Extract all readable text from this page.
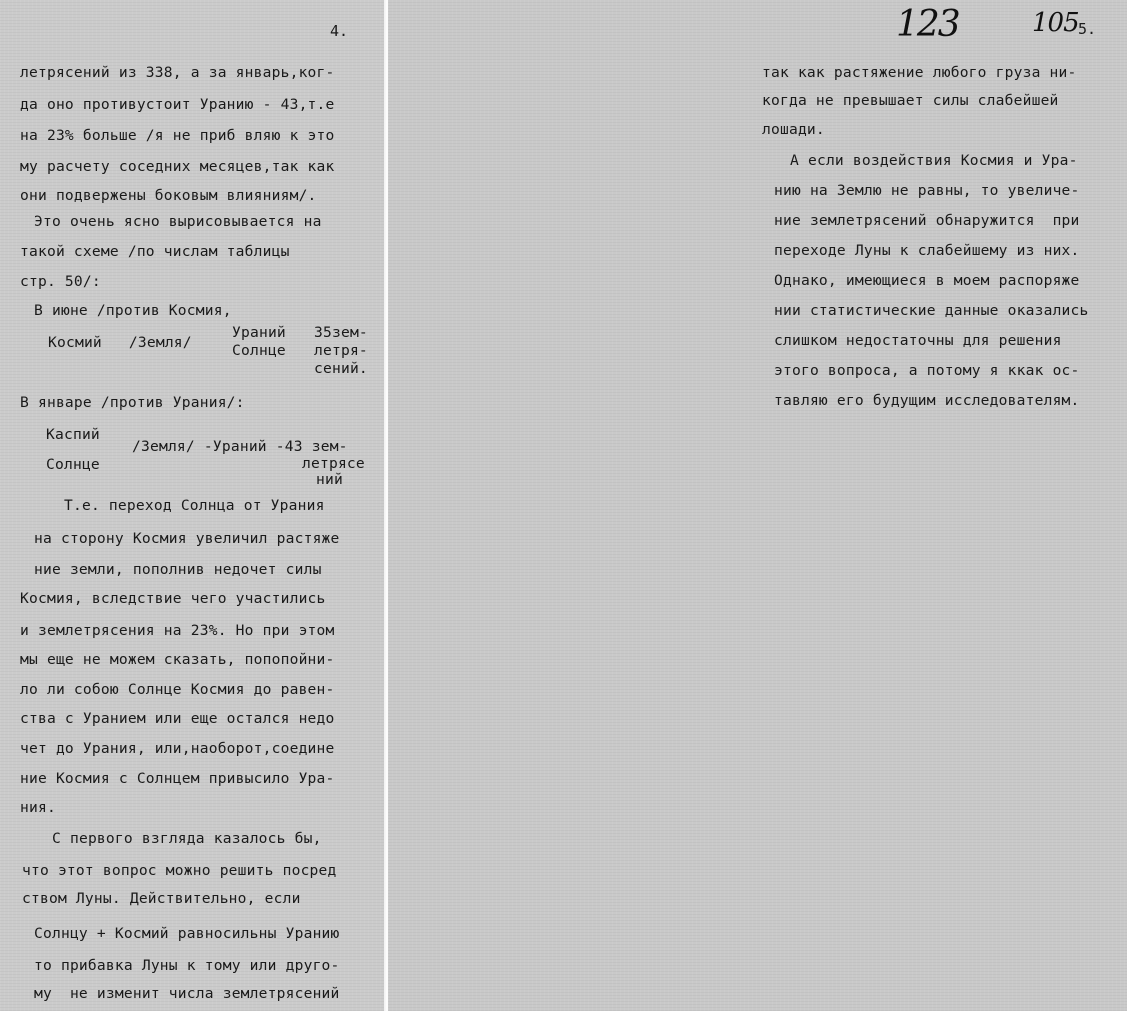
4.
летрясений из 338, а за январь,ког-
да оно противустоит Уранию - 43,т.е
на 23% больше /я не приб вляю к это
му расчету соседних месяцев,так как
они подвержены боковым влияниям/.
Это очень ясно вырисовывается на
такой схеме /по числам таблицы
стр. 50/:
В июне /против Космия,
Космий   /Земля/
Ураний
Солнце
35зем-
летря-
сений.
В январе /против Урания/:
Каспий
Солнце
/Земля/ -Ураний -43 зем-
летрясе
ний
Т.е. переход Солнца от Урания
на сторону Космия увеличил растяже
ние земли, пополнив недочет силы
Космия, вследствие чего участились
и землетрясения на 23%. Но при этом
мы еще не можем сказать, попопойни-
ло ли собою Солнце Космия до равен-
ства с Уранием или еще остался недо
чет до Урания, или,наоборот,соедине
ние Космия с Солнцем привысило Ура-
ния.
С первого взгляда казалось бы,
что этот вопрос можно решить посред
ством Луны. Действительно, если
Солнцу + Космий равносильны Уранию
то прибавка Луны к тому или друго-
му  не изменит числа землетрясений
123	105 5.
так как растяжение любого груза ни-
когда не превышает силы слабейшей
лошади.
А если воздействия Космия и Ура-
нию на Землю не равны, то увеличе-
ние землетрясений обнаружится  при
переходе Луны к слабейшему из них.
Однако, имеющиеся в моем распоряже
нии статистические данные оказались
слишком недостаточны для решения
этого вопроса, а потому я ккак ос-
тавляю его будущим исследователям.
